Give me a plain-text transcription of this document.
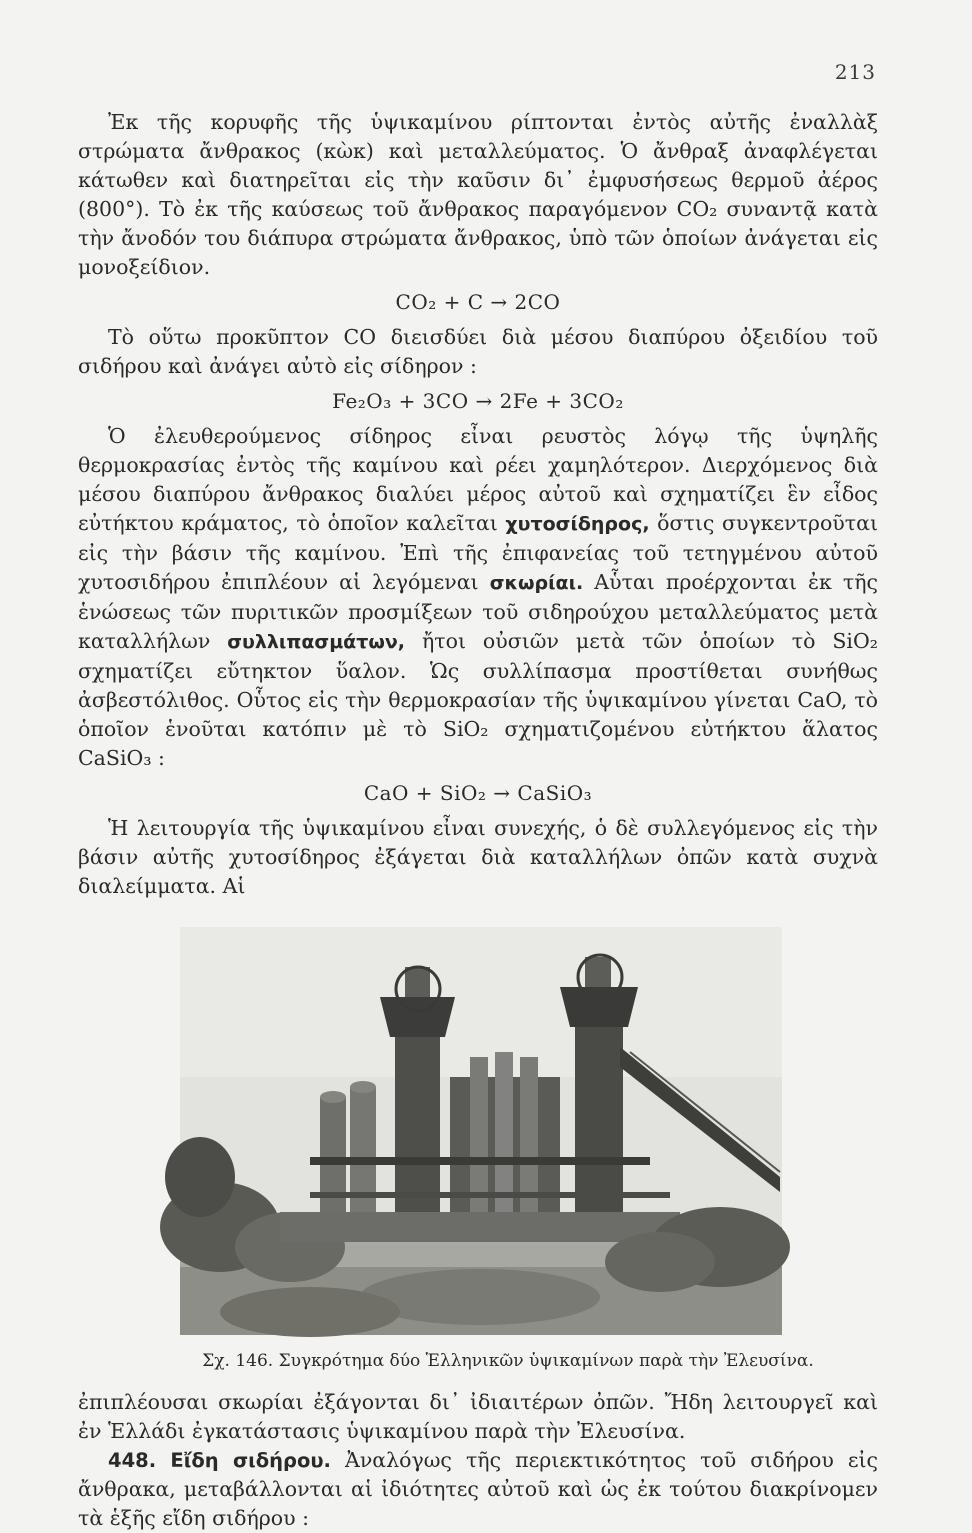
213

Ἐκ τῆς κορυφῆς τῆς ὑψικαμίνου ρίπτονται ἐντὸς αὐτῆς ἐναλλὰξ στρώματα ἄνθρακος (κὼκ) καὶ μεταλλεύματος. Ὁ ἄνθραξ ἀναφλέγεται κάτωθεν καὶ διατηρεῖται εἰς τὴν καῦσιν δι᾽ ἐμφυσήσεως θερμοῦ ἀέρος (800°). Τὸ ἐκ τῆς καύσεως τοῦ ἄνθρακος παραγόμενον CO₂ συναντᾷ κατὰ τὴν ἄνοδόν του διάπυρα στρώματα ἄνθρακος, ὑπὸ τῶν ὁποίων ἀνάγεται εἰς μονοξείδιον.

CO₂ + C → 2CO

Τὸ οὕτω προκῦπτον CO διεισδύει διὰ μέσου διαπύρου ὀξειδίου τοῦ σιδήρου καὶ ἀνάγει αὐτὸ εἰς σίδηρον :

Fe₂O₃ + 3CO → 2Fe + 3CO₂

Ὁ ἐλευθερούμενος σίδηρος εἶναι ρευστὸς λόγῳ τῆς ὑψηλῆς θερμοκρασίας ἐντὸς τῆς καμίνου καὶ ρέει χαμηλότερον. Διερχόμενος διὰ μέσου διαπύρου ἄνθρακος διαλύει μέρος αὐτοῦ καὶ σχηματίζει ἓν εἶδος εὐτήκτου κράματος, τὸ ὁποῖον καλεῖται χυτοσίδηρος, ὅστις συγκεντροῦται εἰς τὴν βάσιν τῆς καμίνου. Ἐπὶ τῆς ἐπιφανείας τοῦ τετηγμένου αὐτοῦ χυτοσιδήρου ἐπιπλέουν αἱ λεγόμεναι σκωρίαι. Αὗται προέρχονται ἐκ τῆς ἑνώσεως τῶν πυριτικῶν προσμίξεων τοῦ σιδηρούχου μεταλλεύματος μετὰ καταλλήλων συλλιπασμάτων, ἤτοι οὐσιῶν μετὰ τῶν ὁποίων τὸ SiO₂ σχηματίζει εὔτηκτον ὕαλον. Ὡς συλλίπασμα προστίθεται συνήθως ἀσβεστόλιθος. Οὗτος εἰς τὴν θερμοκρασίαν τῆς ὑψικαμίνου γίνεται CaO, τὸ ὁποῖον ἑνοῦται κατόπιν μὲ τὸ SiO₂ σχηματιζομένου εὐτήκτου ἅλατος CaSiO₃ :

CaO + SiO₂ → CaSiO₃

Ἡ λειτουργία τῆς ὑψικαμίνου εἶναι συνεχής, ὁ δὲ συλλεγόμενος εἰς τὴν βάσιν αὐτῆς χυτοσίδηρος ἐξάγεται διὰ καταλλήλων ὀπῶν κατὰ συχνὰ διαλείμματα. Αἱ

Σχ. 146. Συγκρότημα δύο Ἑλληνικῶν ὑψικαμίνων παρὰ τὴν Ἐλευσίνα.

ἐπιπλέουσαι σκωρίαι ἐξάγονται δι᾽ ἰδιαιτέρων ὀπῶν. Ἤδη λειτουργεῖ καὶ ἐν Ἑλλάδι ἐγκατάστασις ὑψικαμίνου παρὰ τὴν Ἐλευσίνα.

448. Εἴδη σιδήρου. Ἀναλόγως τῆς περιεκτικότητος τοῦ σιδήρου εἰς ἄνθρακα, μεταβάλλονται αἱ ἰδιότητες αὐτοῦ καὶ ὡς ἐκ τούτου διακρίνομεν τὰ ἑξῆς εἴδη σιδήρου :
